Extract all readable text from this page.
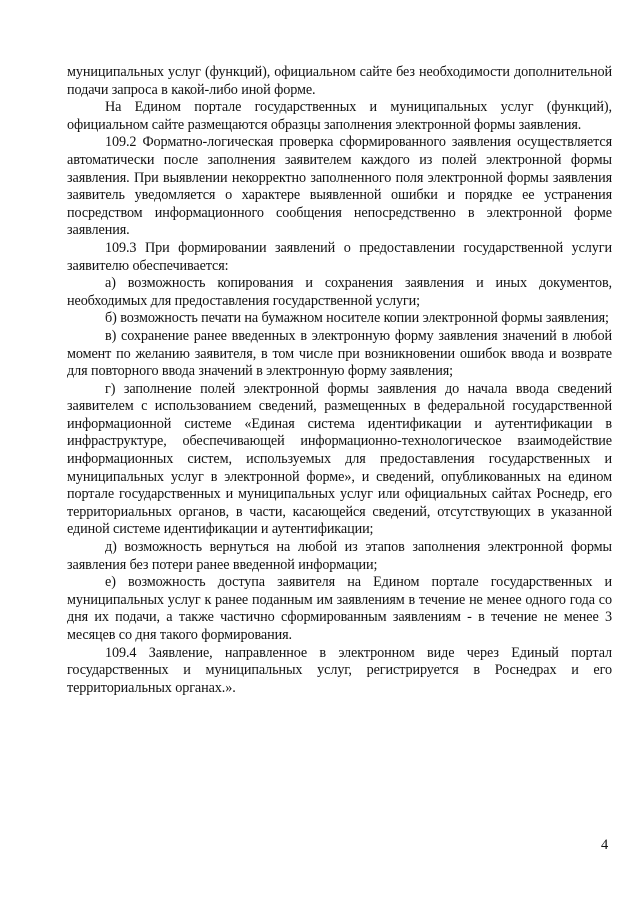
муниципальных услуг (функций), официальном сайте без необходимости дополнительной подачи запроса в какой-либо иной форме.

На Едином портале государственных и муниципальных услуг (функций), официальном сайте размещаются образцы заполнения электронной формы заявления.

109.2 Форматно-логическая проверка сформированного заявления осуществляется автоматически после заполнения заявителем каждого из полей электронной формы заявления. При выявлении некорректно заполненного поля электронной формы заявления заявитель уведомляется о характере выявленной ошибки и порядке ее устранения посредством информационного сообщения непосредственно в электронной форме заявления.

109.3 При формировании заявлений о предоставлении государственной услуги заявителю обеспечивается:

а) возможность копирования и сохранения заявления и иных документов, необходимых для предоставления государственной услуги;

б) возможность печати на бумажном носителе копии электронной формы заявления;

в) сохранение ранее введенных в электронную форму заявления значений в любой момент по желанию заявителя, в том числе при возникновении ошибок ввода и возврате для повторного ввода значений в электронную форму заявления;

г) заполнение полей электронной формы заявления до начала ввода сведений заявителем с использованием сведений, размещенных в федеральной государственной информационной системе «Единая система идентификации и аутентификации в инфраструктуре, обеспечивающей информационно-технологическое взаимодействие информационных систем, используемых для предоставления государственных и муниципальных услуг в электронной форме», и сведений, опубликованных на едином портале государственных и муниципальных услуг или официальных сайтах Роснедр, его территориальных органов, в части, касающейся сведений, отсутствующих в указанной единой системе идентификации и аутентификации;

д) возможность вернуться на любой из этапов заполнения электронной формы заявления без потери ранее введенной информации;

е) возможность доступа заявителя на Едином портале государственных и муниципальных услуг к ранее поданным им заявлениям в течение не менее одного года со дня их подачи, а также частично сформированным заявлениям - в течение не менее 3 месяцев со дня такого формирования.

109.4 Заявление, направленное в электронном виде через Единый портал государственных и муниципальных услуг, регистрируется в Роснедрах и его территориальных органах.».

4
